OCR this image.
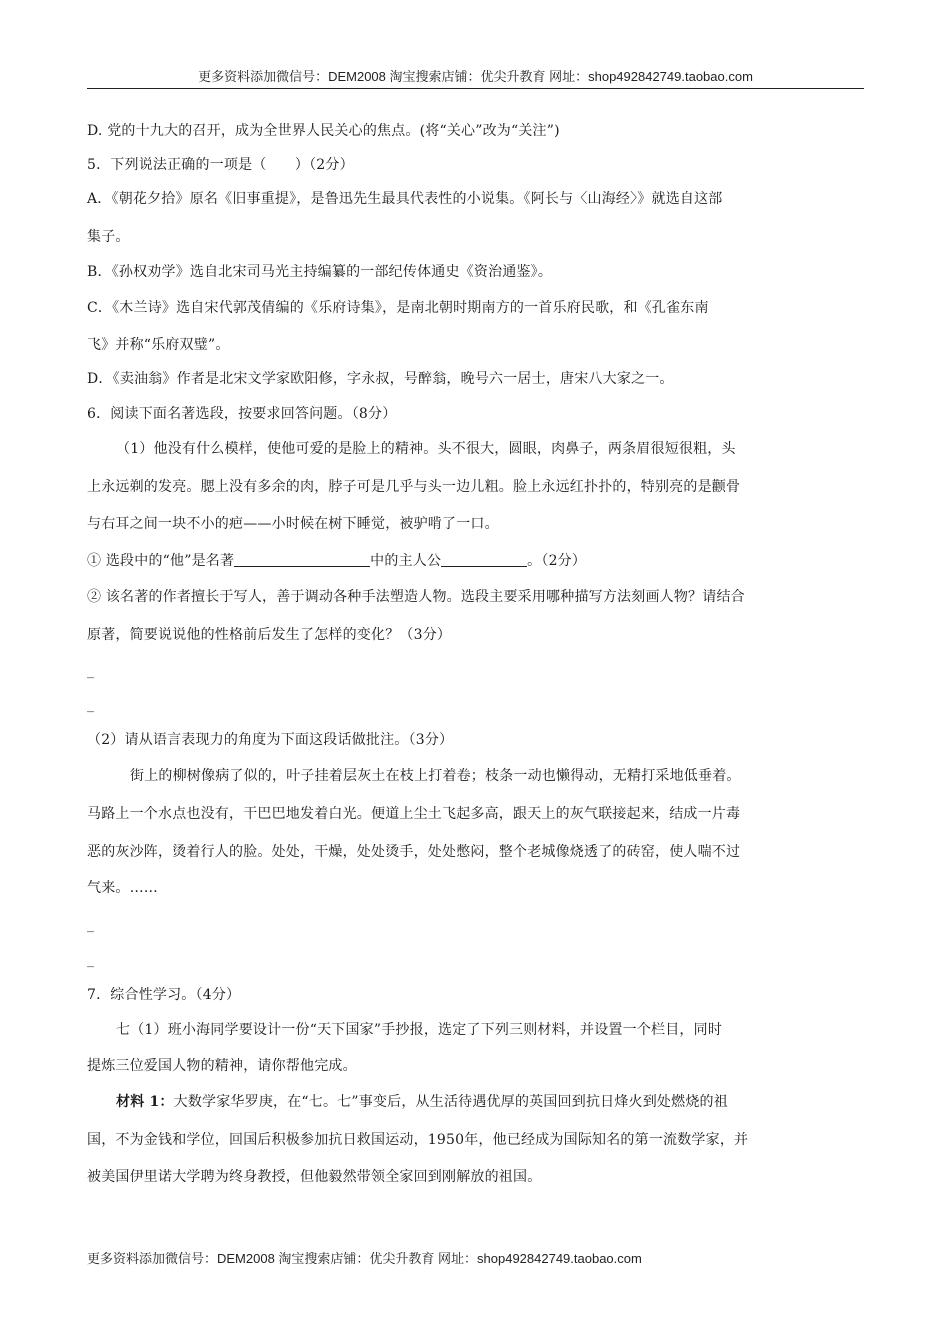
更多资料添加微信号：DEM2008 淘宝搜索店铺：优尖升教育 网址：shop492842749.taobao.com
D. 党的十九大的召开，成为全世界人民关心的焦点。(将“关心”改为“关注”)
5．下列说法正确的一项是（　　）（2分）
A．《朝花夕拾》原名《旧事重提》，是鲁迅先生最具代表性的小说集。《阿长与〈山海经〉》就选自这部
集子。
B．《孙权劝学》选自北宋司马光主持编纂的一部纪传体通史《资治通鉴》。
C．《木兰诗》选自宋代郭茂倩编的《乐府诗集》，是南北朝时期南方的一首乐府民歌，和《孔雀东南
飞》并称“乐府双璧”。
D．《卖油翁》作者是北宋文学家欧阳修，字永叔，号醉翁，晚号六一居士，唐宋八大家之一。
6．阅读下面名著选段，按要求回答问题。（8分）
（1）他没有什么模样，使他可爱的是脸上的精神。头不很大，圆眼，肉鼻子，两条眉很短很粗，头
上永远剃的发亮。腮上没有多余的肉，脖子可是几乎与头一边儿粗。脸上永远红扑扑的，特别亮的是颧骨
与右耳之间一块不小的疤——小时候在树下睡觉，被驴啃了一口。
① 选段中的“他”是名著	中的主人公	。（2分）
② 该名著的作者擅长于写人，善于调动各种手法塑造人物。选段主要采用哪种描写方法刻画人物？请结合
原著，简要说说他的性格前后发生了怎样的变化？（3分）
_
_
（2）请从语言表现力的角度为下面这段话做批注。（3分）
街上的柳树像病了似的，叶子挂着层灰土在枝上打着卷；枝条一动也懒得动，无精打采地低垂着。
马路上一个水点也没有，干巴巴地发着白光。便道上尘土飞起多高，跟天上的灰气联接起来，结成一片毒
恶的灰沙阵，烫着行人的脸。处处，干燥，处处烫手，处处憋闷，整个老城像烧透了的砖窑，使人喘不过
气来。……
_
_
7．综合性学习。（4分）
七（1）班小海同学要设计一份“天下国家”手抄报，选定了下列三则材料，并设置一个栏目，同时
提炼三位爱国人物的精神，请你帮他完成。
材料 1：大数学家华罗庚，在“七。七”事变后，从生活待遇优厚的英国回到抗日烽火到处燃烧的祖
国，不为金钱和学位，回国后积极参加抗日救国运动，1950年，他已经成为国际知名的第一流数学家，并
被美国伊里诺大学聘为终身教授，但他毅然带领全家回到刚解放的祖国。
更多资料添加微信号：DEM2008 淘宝搜索店铺：优尖升教育 网址：shop492842749.taobao.com
